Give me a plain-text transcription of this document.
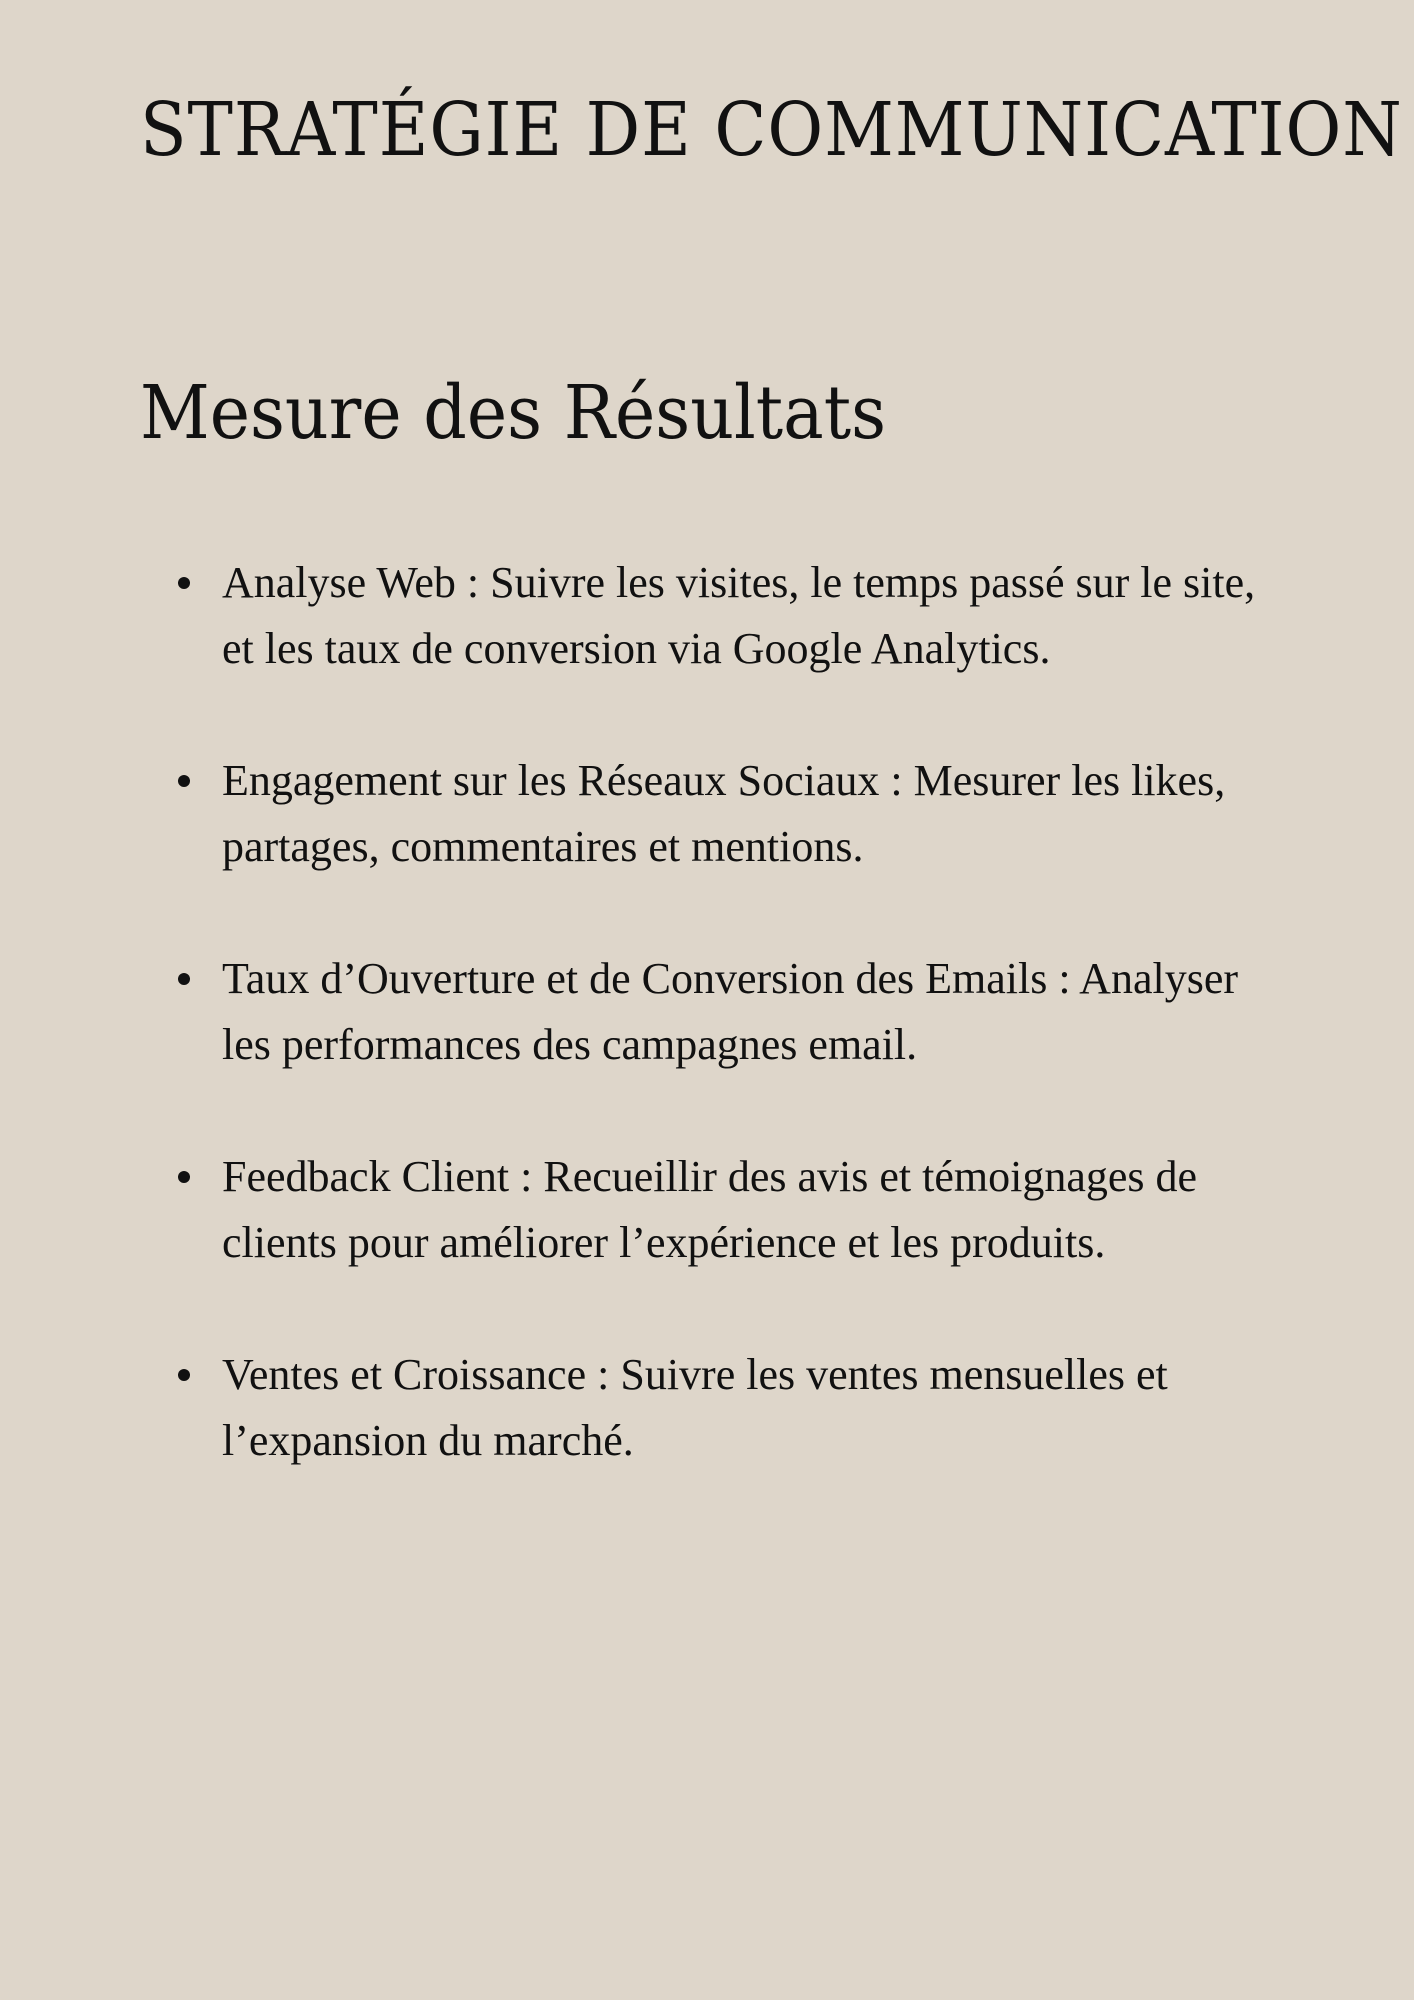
STRATÉGIE DE COMMUNICATION
Mesure des Résultats
Analyse Web : Suivre les visites, le temps passé sur le site, et les taux de conversion via Google Analytics.
Engagement sur les Réseaux Sociaux : Mesurer les likes, partages, commentaires et mentions.
Taux d’Ouverture et de Conversion des Emails : Analyser les performances des campagnes email.
Feedback Client : Recueillir des avis et témoignages de clients pour améliorer l’expérience et les produits.
Ventes et Croissance : Suivre les ventes mensuelles et l’expansion du marché.
